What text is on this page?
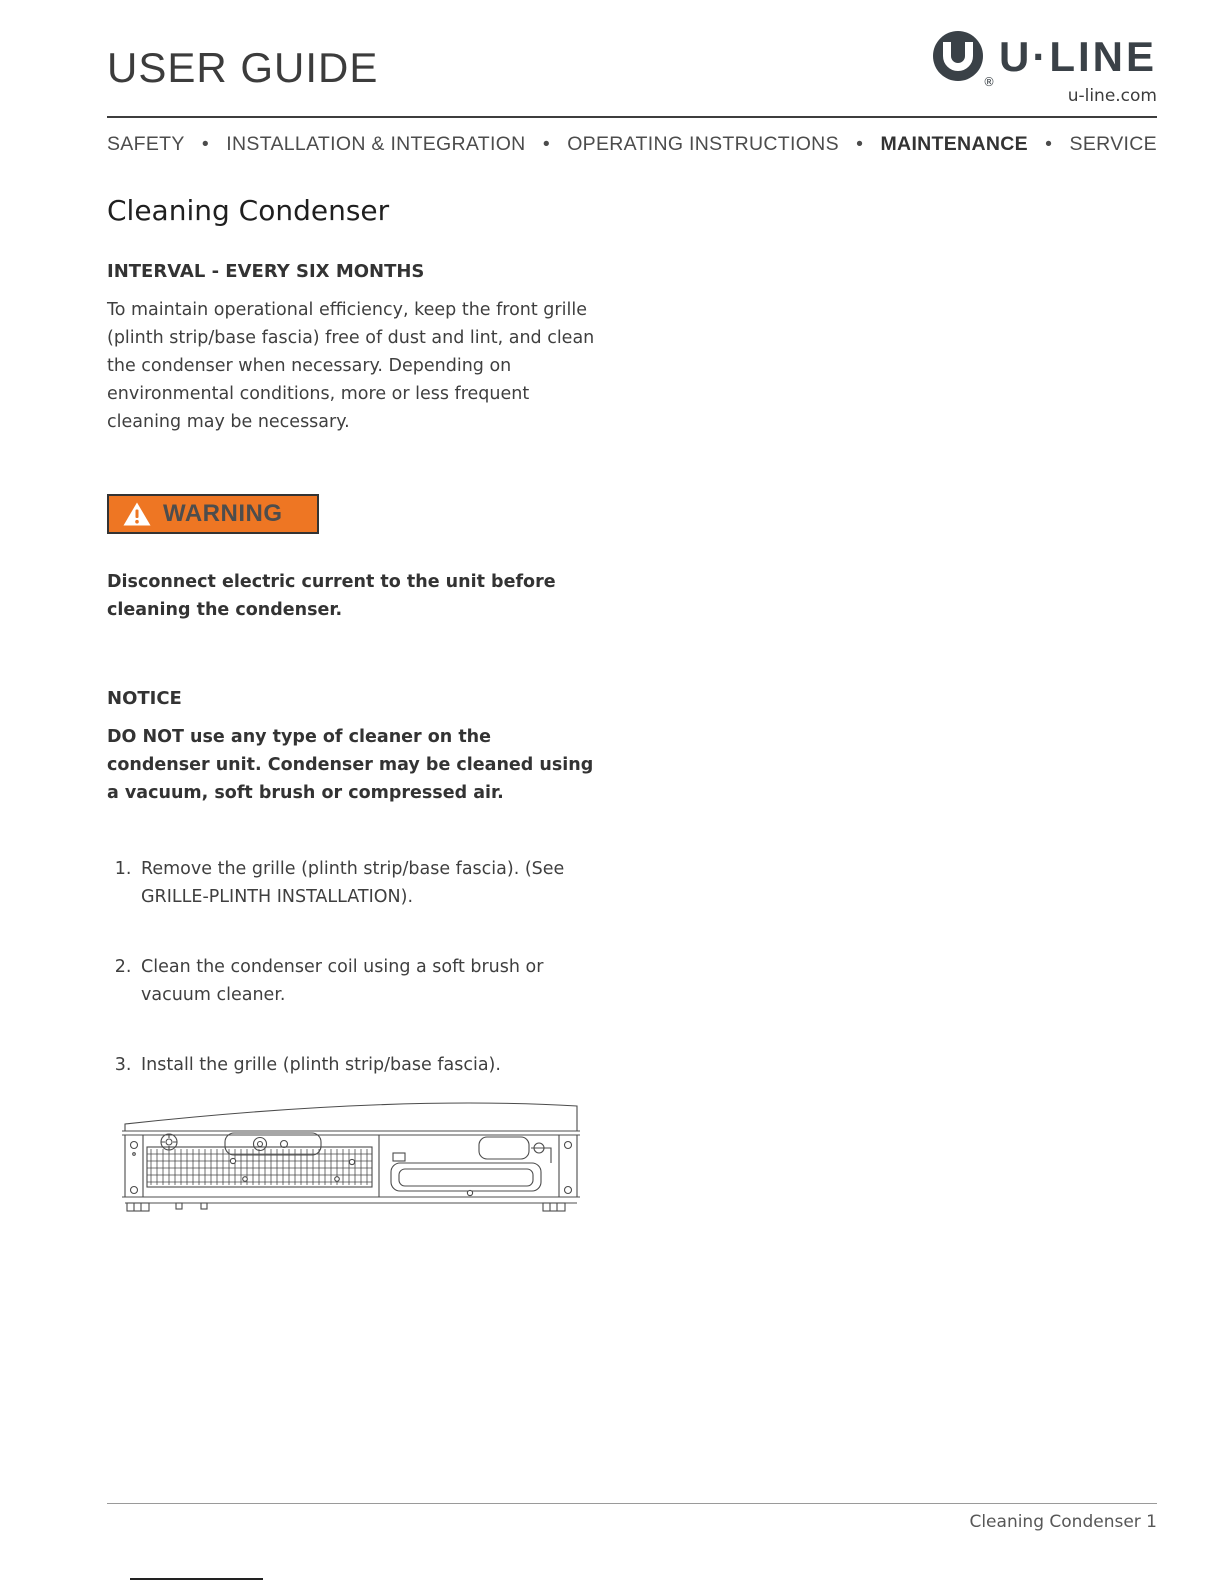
USER GUIDE	®
U·LINE
u-line.com
SAFETY • INSTALLATION & INTEGRATION • OPERATING INSTRUCTIONS • MAINTENANCE • SERVICE
Cleaning Condenser
INTERVAL - EVERY SIX MONTHS

To maintain operational efficiency, keep the front grille (plinth strip/base fascia) free of dust and lint, and clean the condenser when necessary. Depending on environmental conditions, more or less frequent cleaning may be necessary.

WARNING

Disconnect electric current to the unit before cleaning the condenser.

NOTICE

DO NOT use any type of cleaner on the condenser unit. Condenser may be cleaned using a vacuum, soft brush or compressed air.

1. Remove the grille (plinth strip/base fascia). (See GRILLE-PLINTH INSTALLATION).
2. Clean the condenser coil using a soft brush or vacuum cleaner.
3. Install the grille (plinth strip/base fascia).
Cleaning Condenser 1
